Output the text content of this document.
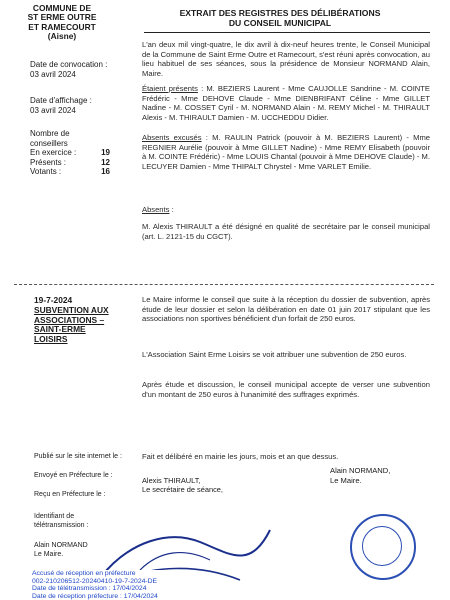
COMMUNE DE
ST ERME OUTRE
ET RAMECOURT
(Aisne)
EXTRAIT DES REGISTRES DES DÉLIBÉRATIONS
DU CONSEIL MUNICIPAL
Date de convocation :
03 avril 2024
Date d'affichage :
03 avril 2024
Nombre de
conseillers
En exercice :	19
Présents :	12
Votants :	16

L'an deux mil vingt-quatre, le dix avril à dix-neuf heures trente, le Conseil Municipal de la Commune de Saint Erme Outre et Ramecourt, s'est réuni après convocation, au lieu habituel de ses séances, sous la présidence de Monsieur NORMAND Alain, Maire.

Étaient présents : M. BEZIERS Laurent - Mme CAUJOLLE Sandrine - M. COINTE Frédéric - Mme DEHOVE Claude - Mme DIENBRIFANT Céline - Mme GILLET Nadine - M. COSSET Cyril - M. NORMAND Alain - M. REMY Michel - M. THIRAULT Alexis - M. THIRAULT Damien - M. UCCHEDDU Didier.

Absents excusés : M. RAULIN Patrick (pouvoir à M. BEZIERS Laurent) - Mme REGNIER Aurélie (pouvoir à Mme GILLET Nadine) - Mme REMY Elisabeth (pouvoir à M. COINTE Frédéric) - Mme LOUIS Chantal (pouvoir à Mme DEHOVE Claude) - M. LECUYER Damien - Mme THIPALT Chrystel - Mme VARLET Emilie.

Absents :

M. Alexis THIRAULT a été désigné en qualité de secrétaire par le conseil municipal (art. L. 2121-15 du CGCT).

19-7-2024
SUBVENTION AUX
ASSOCIATIONS –
SAINT-ERME
LOISIRS

Le Maire informe le conseil que suite à la réception du dossier de subvention, après étude de leur dossier et selon la délibération en date 01 juin 2017 stipulant que les associations non sportives bénéficient d'un forfait de 250 euros.

L'Association Saint Erme Loisirs se voit attribuer une subvention de 250 euros.

Après étude et discussion, le conseil municipal accepte de verser une subvention d'un montant de 250 euros à l'unanimité des suffrages exprimés.

Fait et délibéré en mairie les jours, mois et an que dessus.

Publié sur le site internet le :
Envoyé en Préfecture le :
Reçu en Préfecture le :
Identifiant de
télétransmission :
Alain NORMAND
Le Maire.
Alexis THIRAULT,
Le secrétaire de séance,
Alain NORMAND,
Le Maire.
Accusé de réception en préfecture
002-210206512-20240410-19-7-2024-DE
Date de télétransmission : 17/04/2024
Date de réception préfecture : 17/04/2024
